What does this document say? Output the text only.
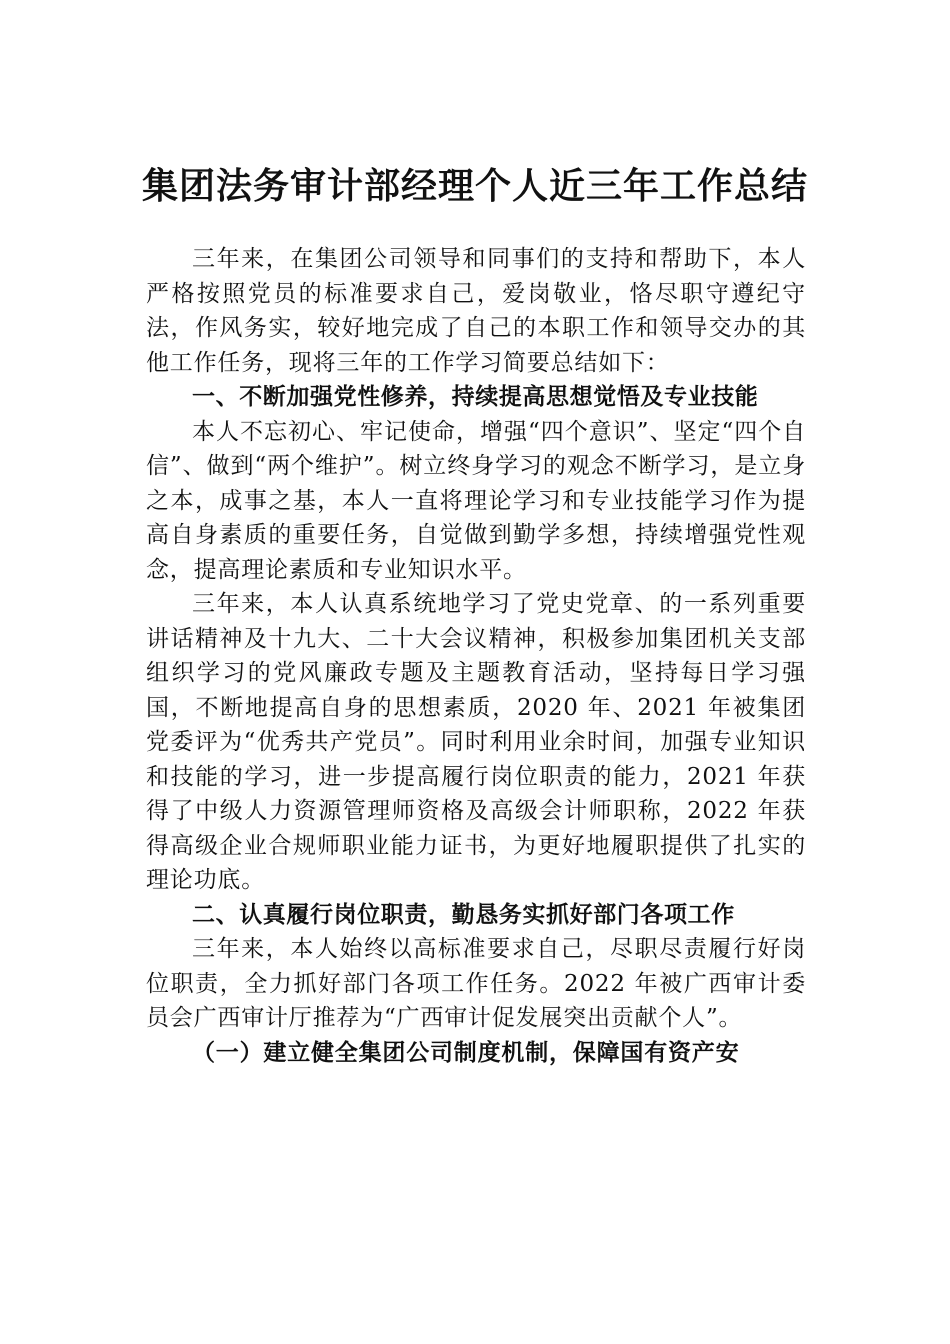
集团法务审计部经理个人近三年工作总结

三年来，在集团公司领导和同事们的支持和帮助下，本人严格按照党员的标准要求自己，爱岗敬业，恪尽职守遵纪守法，作风务实，较好地完成了自己的本职工作和领导交办的其他工作任务，现将三年的工作学习简要总结如下：

一、不断加强党性修养，持续提高思想觉悟及专业技能

本人不忘初心、牢记使命，增强“四个意识”、坚定“四个自信”、做到“两个维护”。树立终身学习的观念不断学习，是立身之本，成事之基，本人一直将理论学习和专业技能学习作为提高自身素质的重要任务，自觉做到勤学多想，持续增强党性观念，提高理论素质和专业知识水平。

三年来，本人认真系统地学习了党史党章、的一系列重要讲话精神及十九大、二十大会议精神，积极参加集团机关支部组织学习的党风廉政专题及主题教育活动，坚持每日学习强国，不断地提高自身的思想素质，2020 年、2021 年被集团党委评为“优秀共产党员”。同时利用业余时间，加强专业知识和技能的学习，进一步提高履行岗位职责的能力，2021 年获得了中级人力资源管理师资格及高级会计师职称，2022 年获得高级企业合规师职业能力证书，为更好地履职提供了扎实的理论功底。

二、认真履行岗位职责，勤恳务实抓好部门各项工作

三年来，本人始终以高标准要求自己，尽职尽责履行好岗位职责，全力抓好部门各项工作任务。2022 年被广西审计委员会广西审计厅推荐为“广西审计促发展突出贡献个人”。

（一）建立健全集团公司制度机制，保障国有资产安
